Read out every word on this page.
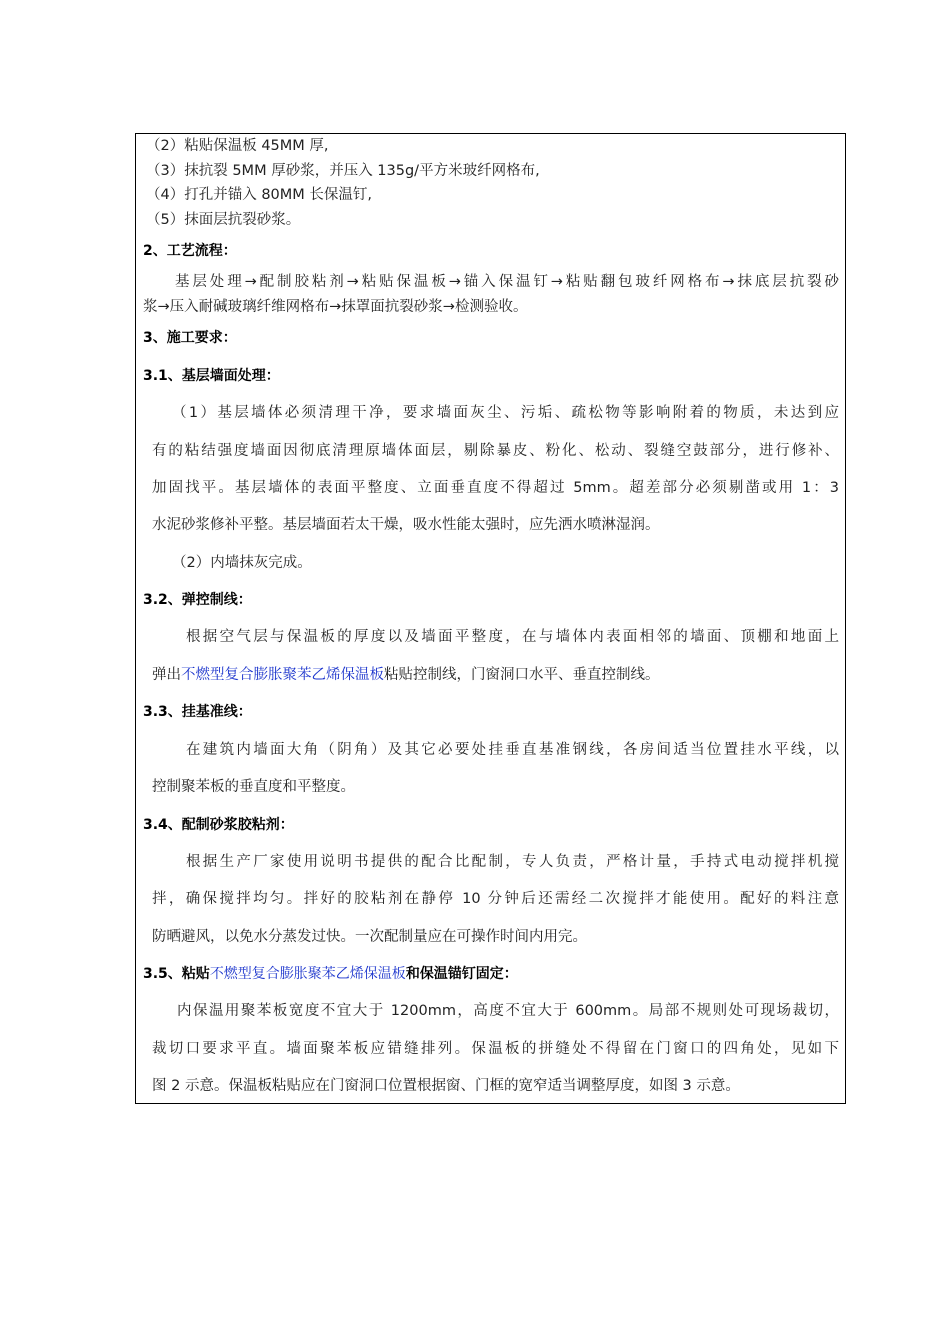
（2）粘贴保温板 45MM 厚,
（3）抹抗裂 5MM 厚砂浆，并压入 135g/平方米玻纤网格布,
（4）打孔并锚入 80MM 长保温钉,
（5）抹面层抗裂砂浆。
2、工艺流程：
基层处理→配制胶粘剂→粘贴保温板→锚入保温钉→粘贴翻包玻纤网格布→抹底层抗裂砂
浆→压入耐碱玻璃纤维网格布→抹罩面抗裂砂浆→检测验收。
3、施工要求：
3.1、基层墙面处理：
（1）基层墙体必须清理干净，要求墙面灰尘、污垢、疏松物等影响附着的物质，未达到应
有的粘结强度墙面因彻底清理原墙体面层，剔除暴皮、粉化、松动、裂缝空鼓部分，进行修补、
加固找平。基层墙体的表面平整度、立面垂直度不得超过 5mm。超差部分必须剔凿或用 1：3
水泥砂浆修补平整。基层墙面若太干燥，吸水性能太强时，应先洒水喷淋湿润。
（2）内墙抹灰完成。
3.2、弹控制线：
根据空气层与保温板的厚度以及墙面平整度，在与墙体内表面相邻的墙面、顶棚和地面上
弹出不燃型复合膨胀聚苯乙烯保温板粘贴控制线，门窗洞口水平、垂直控制线。
3.3、挂基准线：
在建筑内墙面大角（阴角）及其它必要处挂垂直基准钢线，各房间适当位置挂水平线，以
控制聚苯板的垂直度和平整度。
3.4、配制砂浆胶粘剂：
根据生产厂家使用说明书提供的配合比配制，专人负责，严格计量，手持式电动搅拌机搅
拌，确保搅拌均匀。拌好的胶粘剂在静停 10 分钟后还需经二次搅拌才能使用。配好的料注意
防晒避风，以免水分蒸发过快。一次配制量应在可操作时间内用完。
3.5、粘贴不燃型复合膨胀聚苯乙烯保温板和保温锚钉固定：
内保温用聚苯板宽度不宜大于 1200mm，高度不宜大于 600mm。局部不规则处可现场裁切，
裁切口要求平直。墙面聚苯板应错缝排列。保温板的拼缝处不得留在门窗口的四角处，见如下
图 2 示意。保温板粘贴应在门窗洞口位置根据窗、门框的宽窄适当调整厚度，如图 3 示意。
